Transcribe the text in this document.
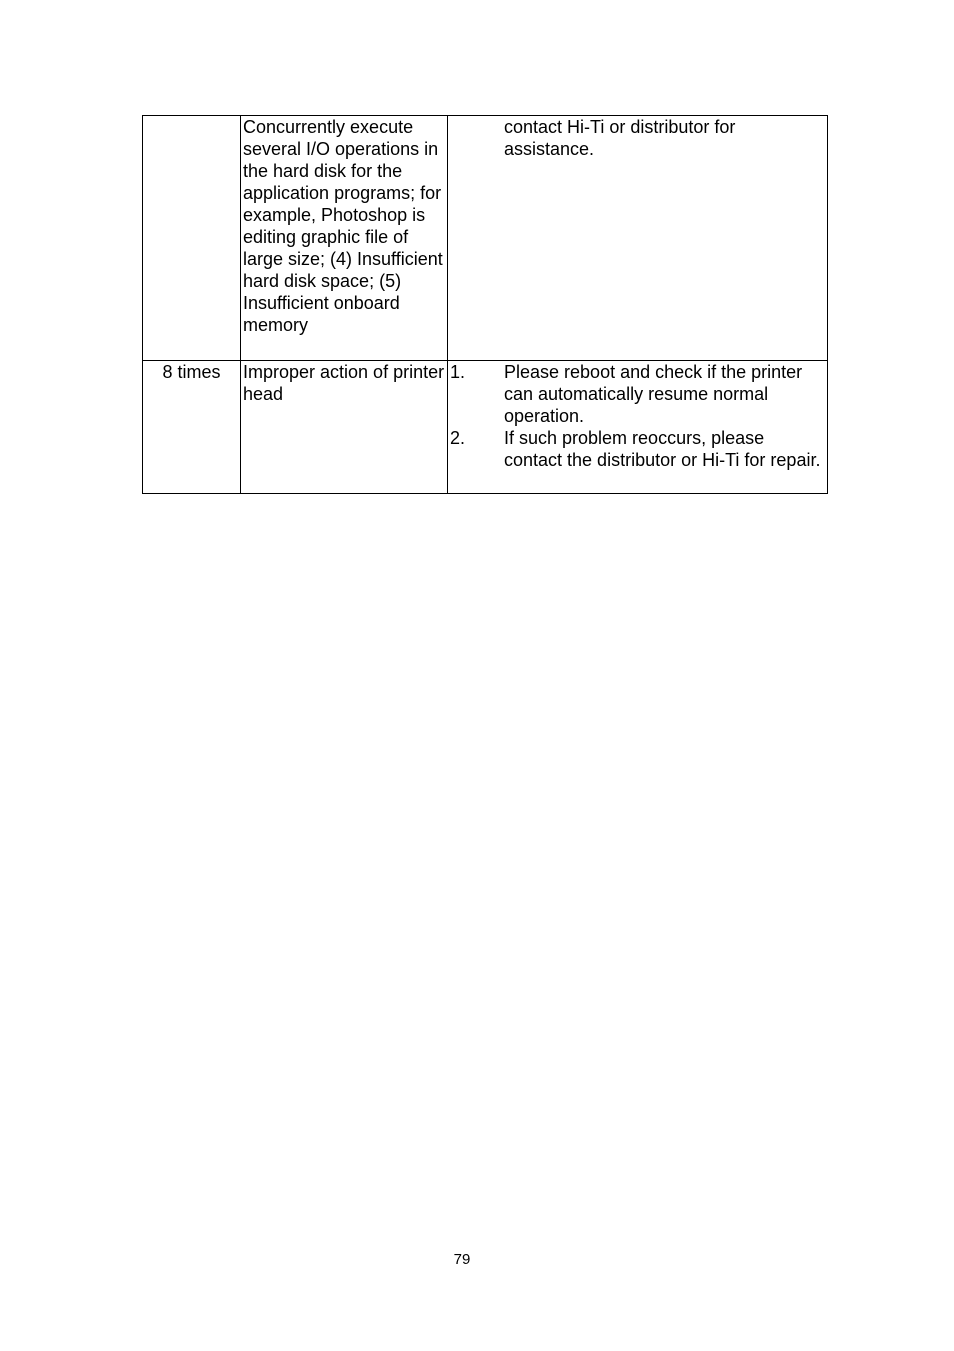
	Concurrently execute several I/O operations in the hard disk for the application programs; for example, Photoshop is editing graphic file of large size; (4) Insufficient hard disk space; (5) Insufficient onboard memory	contact Hi-Ti or distributor for assistance.

8 times	Improper action of printer head	1. Please reboot and check if the printer can automatically resume normal operation.
2. If such problem reoccurs, please contact the distributor or Hi-Ti for repair.
79
